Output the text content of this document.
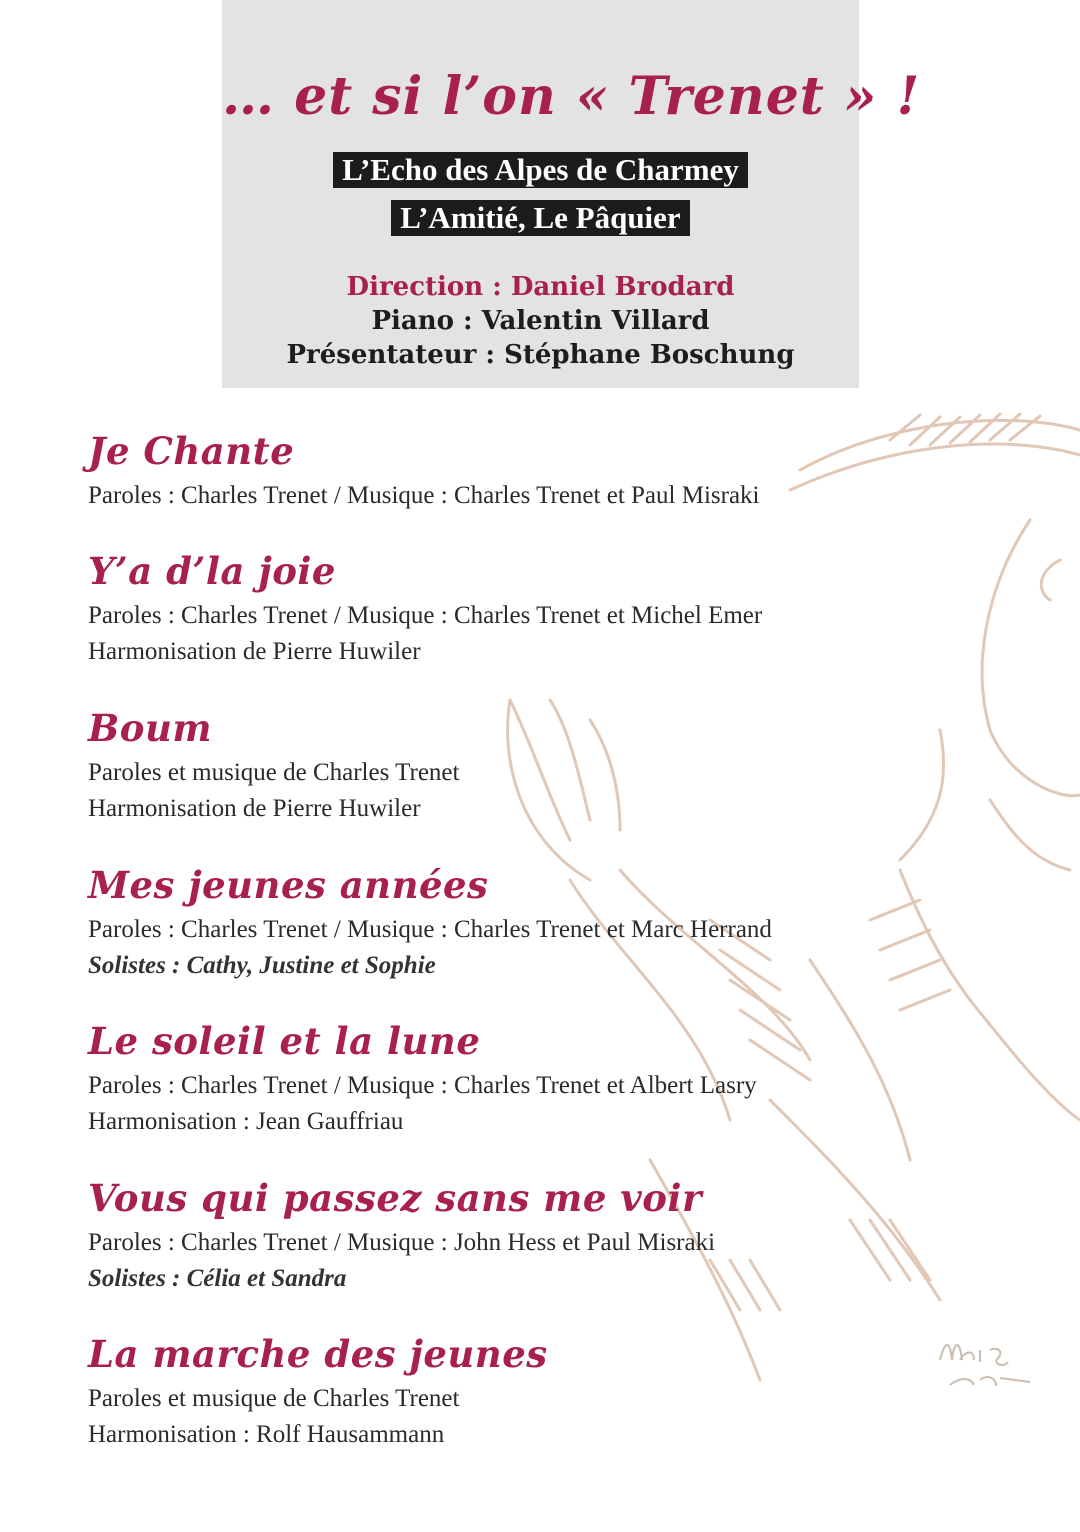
… et si l’on « Trenet » !
L’Echo des Alpes de Charmey
L’Amitié, Le Pâquier
Direction : Daniel Brodard
Piano : Valentin Villard
Présentateur : Stéphane Boschung
Je Chante
Paroles : Charles Trenet / Musique : Charles Trenet et Paul Misraki
Y’a d’la joie
Paroles : Charles Trenet / Musique : Charles Trenet et Michel Emer
Harmonisation de Pierre Huwiler
Boum
Paroles et musique de Charles Trenet
Harmonisation de Pierre Huwiler
Mes jeunes années
Paroles : Charles Trenet / Musique : Charles Trenet et Marc Herrand
Solistes : Cathy, Justine et Sophie
Le soleil et la lune
Paroles : Charles Trenet / Musique : Charles Trenet et Albert Lasry
Harmonisation : Jean Gauffriau
Vous qui passez sans me voir
Paroles : Charles Trenet / Musique : John Hess et Paul Misraki
Solistes : Célia et Sandra
La marche des jeunes
Paroles et musique de Charles Trenet
Harmonisation : Rolf Hausammann
